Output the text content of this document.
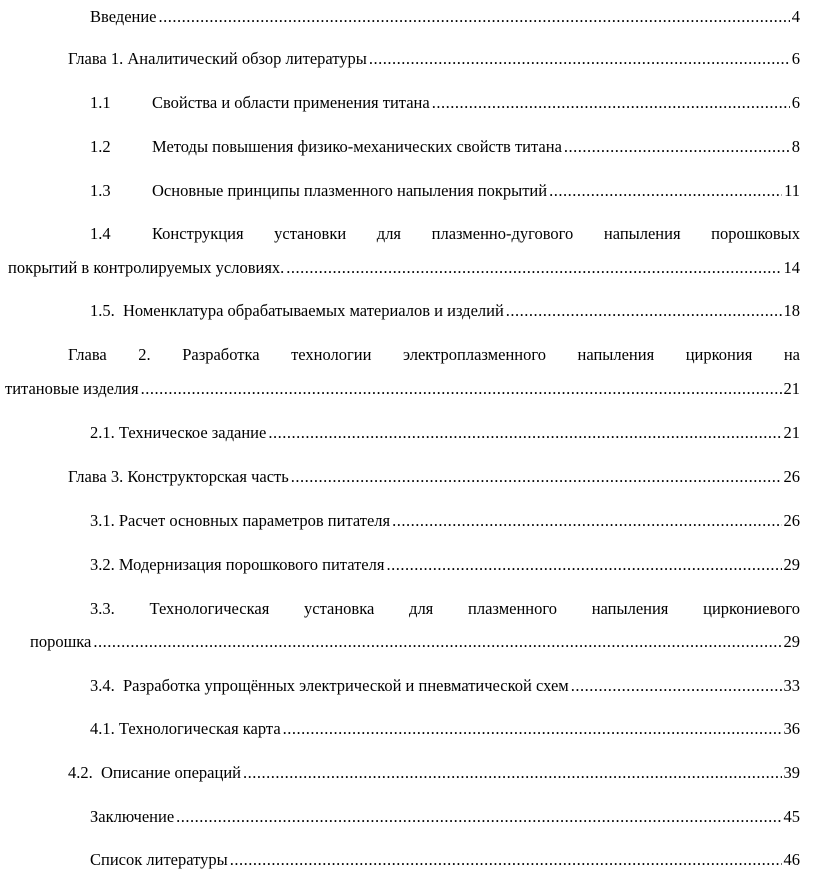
Введение .....	4
Глава 1. Аналитический обзор литературы .....	6
1.1	Свойства и области применения титана .....	6
1.2	Методы повышения физико-механических свойств титана .....	8
1.3	Основные принципы плазменного напыления покрытий .....	11
1.4	Конструкция установки для плазменно-дугового напыления порошковых
покрытий в контролируемых условиях. .....	14
1.5.  Номенклатура обрабатываемых материалов и изделий .....	18
Глава 2. Разработка технологии электроплазменного напыления циркония на
титановые изделия .....	21
2.1. Техническое задание .....	21
Глава 3. Конструкторская часть .....	26
3.1. Расчет основных параметров питателя .....	26
3.2. Модернизация порошкового питателя .....	29
3.3. Технологическая установка для плазменного напыления циркониевого
порошка .....	29
3.4.  Разработка упрощённых электрической и пневматической схем .....	33
4.1. Технологическая карта .....	36
4.2.  Описание операций .....	39
Заключение .....	45
Список литературы .....	46
